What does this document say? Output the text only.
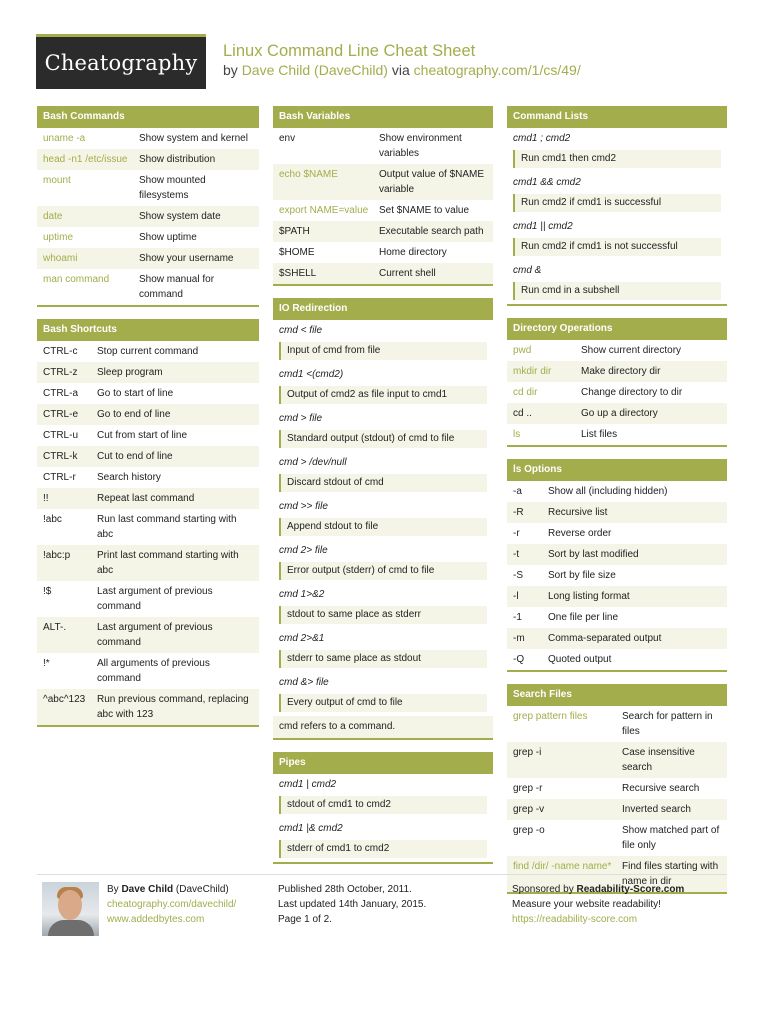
Cheatography	Linux Command Line Cheat Sheet
by Dave Child (DaveChild) via cheatography.com/1/cs/49/
Bash Commands
uname -a	Show system and kernel
head -n1 /etc/issue	Show distribution
mount	Show mounted filesystems
date	Show system date
uptime	Show uptime
whoami	Show your username
man command	Show manual for command
Bash Shortcuts
CTRL-c	Stop current command
CTRL-z	Sleep program
CTRL-a	Go to start of line
CTRL-e	Go to end of line
CTRL-u	Cut from start of line
CTRL-k	Cut to end of line
CTRL-r	Search history
!!	Repeat last command
!abc	Run last command starting with abc
!abc:p	Print last command starting with abc
!$	Last argument of previous command
ALT-.	Last argument of previous command
!*	All arguments of previous command
^abc^123	Run previous command, replacing abc with 123
Bash Variables
env	Show environment variables
echo $NAME	Output value of $NAME variable
export NAME=value	Set $NAME to value
$PATH	Executable search path
$HOME	Home directory
$SHELL	Current shell
IO Redirection
cmd < file
Input of cmd from file
cmd1 <(cmd2)
Output of cmd2 as file input to cmd1
cmd > file
Standard output (stdout) of cmd to file
cmd > /dev/null
Discard stdout of cmd
cmd >> file
Append stdout to file
cmd 2> file
Error output (stderr) of cmd to file
cmd 1>&2
stdout to same place as stderr
cmd 2>&1
stderr to same place as stdout
cmd &> file
Every output of cmd to file
cmd refers to a command.
Pipes
cmd1 | cmd2
stdout of cmd1 to cmd2
cmd1 |& cmd2
stderr of cmd1 to cmd2
Command Lists
cmd1 ; cmd2
Run cmd1 then cmd2
cmd1 && cmd2
Run cmd2 if cmd1 is successful
cmd1 || cmd2
Run cmd2 if cmd1 is not successful
cmd &
Run cmd in a subshell
Directory Operations
pwd	Show current directory
mkdir dir	Make directory dir
cd dir	Change directory to dir
cd ..	Go up a directory
ls	List files
ls Options
-a	Show all (including hidden)
-R	Recursive list
-r	Reverse order
-t	Sort by last modified
-S	Sort by file size
-l	Long listing format
-1	One file per line
-m	Comma-separated output
-Q	Quoted output
Search Files
grep pattern files	Search for pattern in files
grep -i	Case insensitive search
grep -r	Recursive search
grep -v	Inverted search
grep -o	Show matched part of file only
find /dir/ -name name*	Find files starting with name in dir
By Dave Child (DaveChild)
cheatography.com/davechild/
www.addedbytes.com
Published 28th October, 2011.
Last updated 14th January, 2015.
Page 1 of 2.
Sponsored by Readability-Score.com
Measure your website readability!
https://readability-score.com
